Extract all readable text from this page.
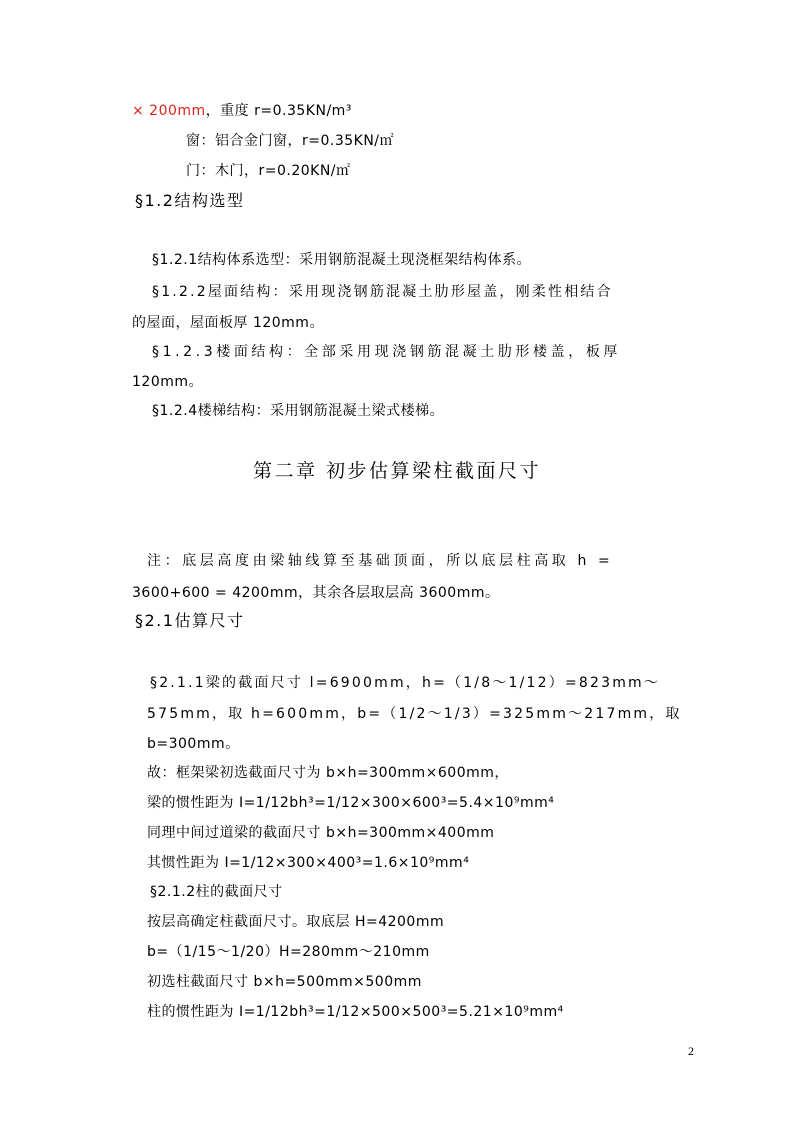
× 200mm，重度 r=0.35KN/m³
窗：铝合金门窗，r=0.35KN/㎡
门：木门，r=0.20KN/㎡
§1.2结构选型
§1.2.1结构体系选型：采用钢筋混凝土现浇框架结构体系。
§1.2.2屋面结构：采用现浇钢筋混凝土肋形屋盖，刚柔性相结合
的屋面，屋面板厚 120mm。
§1.2.3楼面结构：全部采用现浇钢筋混凝土肋形楼盖，板厚
120mm。
§1.2.4楼梯结构：采用钢筋混凝土梁式楼梯。
第二章 初步估算梁柱截面尺寸
注：底层高度由梁轴线算至基础顶面，所以底层柱高取 h =
3600+600 = 4200mm，其余各层取层高 3600mm。
§2.1估算尺寸
§2.1.1梁的截面尺寸 l=6900mm，h=（1/8～1/12）=823mm～
575mm，取 h=600mm，b=（1/2～1/3）=325mm～217mm，取
b=300mm。
故：框架梁初选截面尺寸为 b×h=300mm×600mm，
梁的惯性距为 I=1/12bh³=1/12×300×600³=5.4×10⁹mm⁴
同理中间过道梁的截面尺寸 b×h=300mm×400mm
其惯性距为 I=1/12×300×400³=1.6×10⁹mm⁴
§2.1.2柱的截面尺寸
按层高确定柱截面尺寸。取底层 H=4200mm
b=（1/15～1/20）H=280mm～210mm
初选柱截面尺寸 b×h=500mm×500mm
柱的惯性距为 I=1/12bh³=1/12×500×500³=5.21×10⁹mm⁴
2
